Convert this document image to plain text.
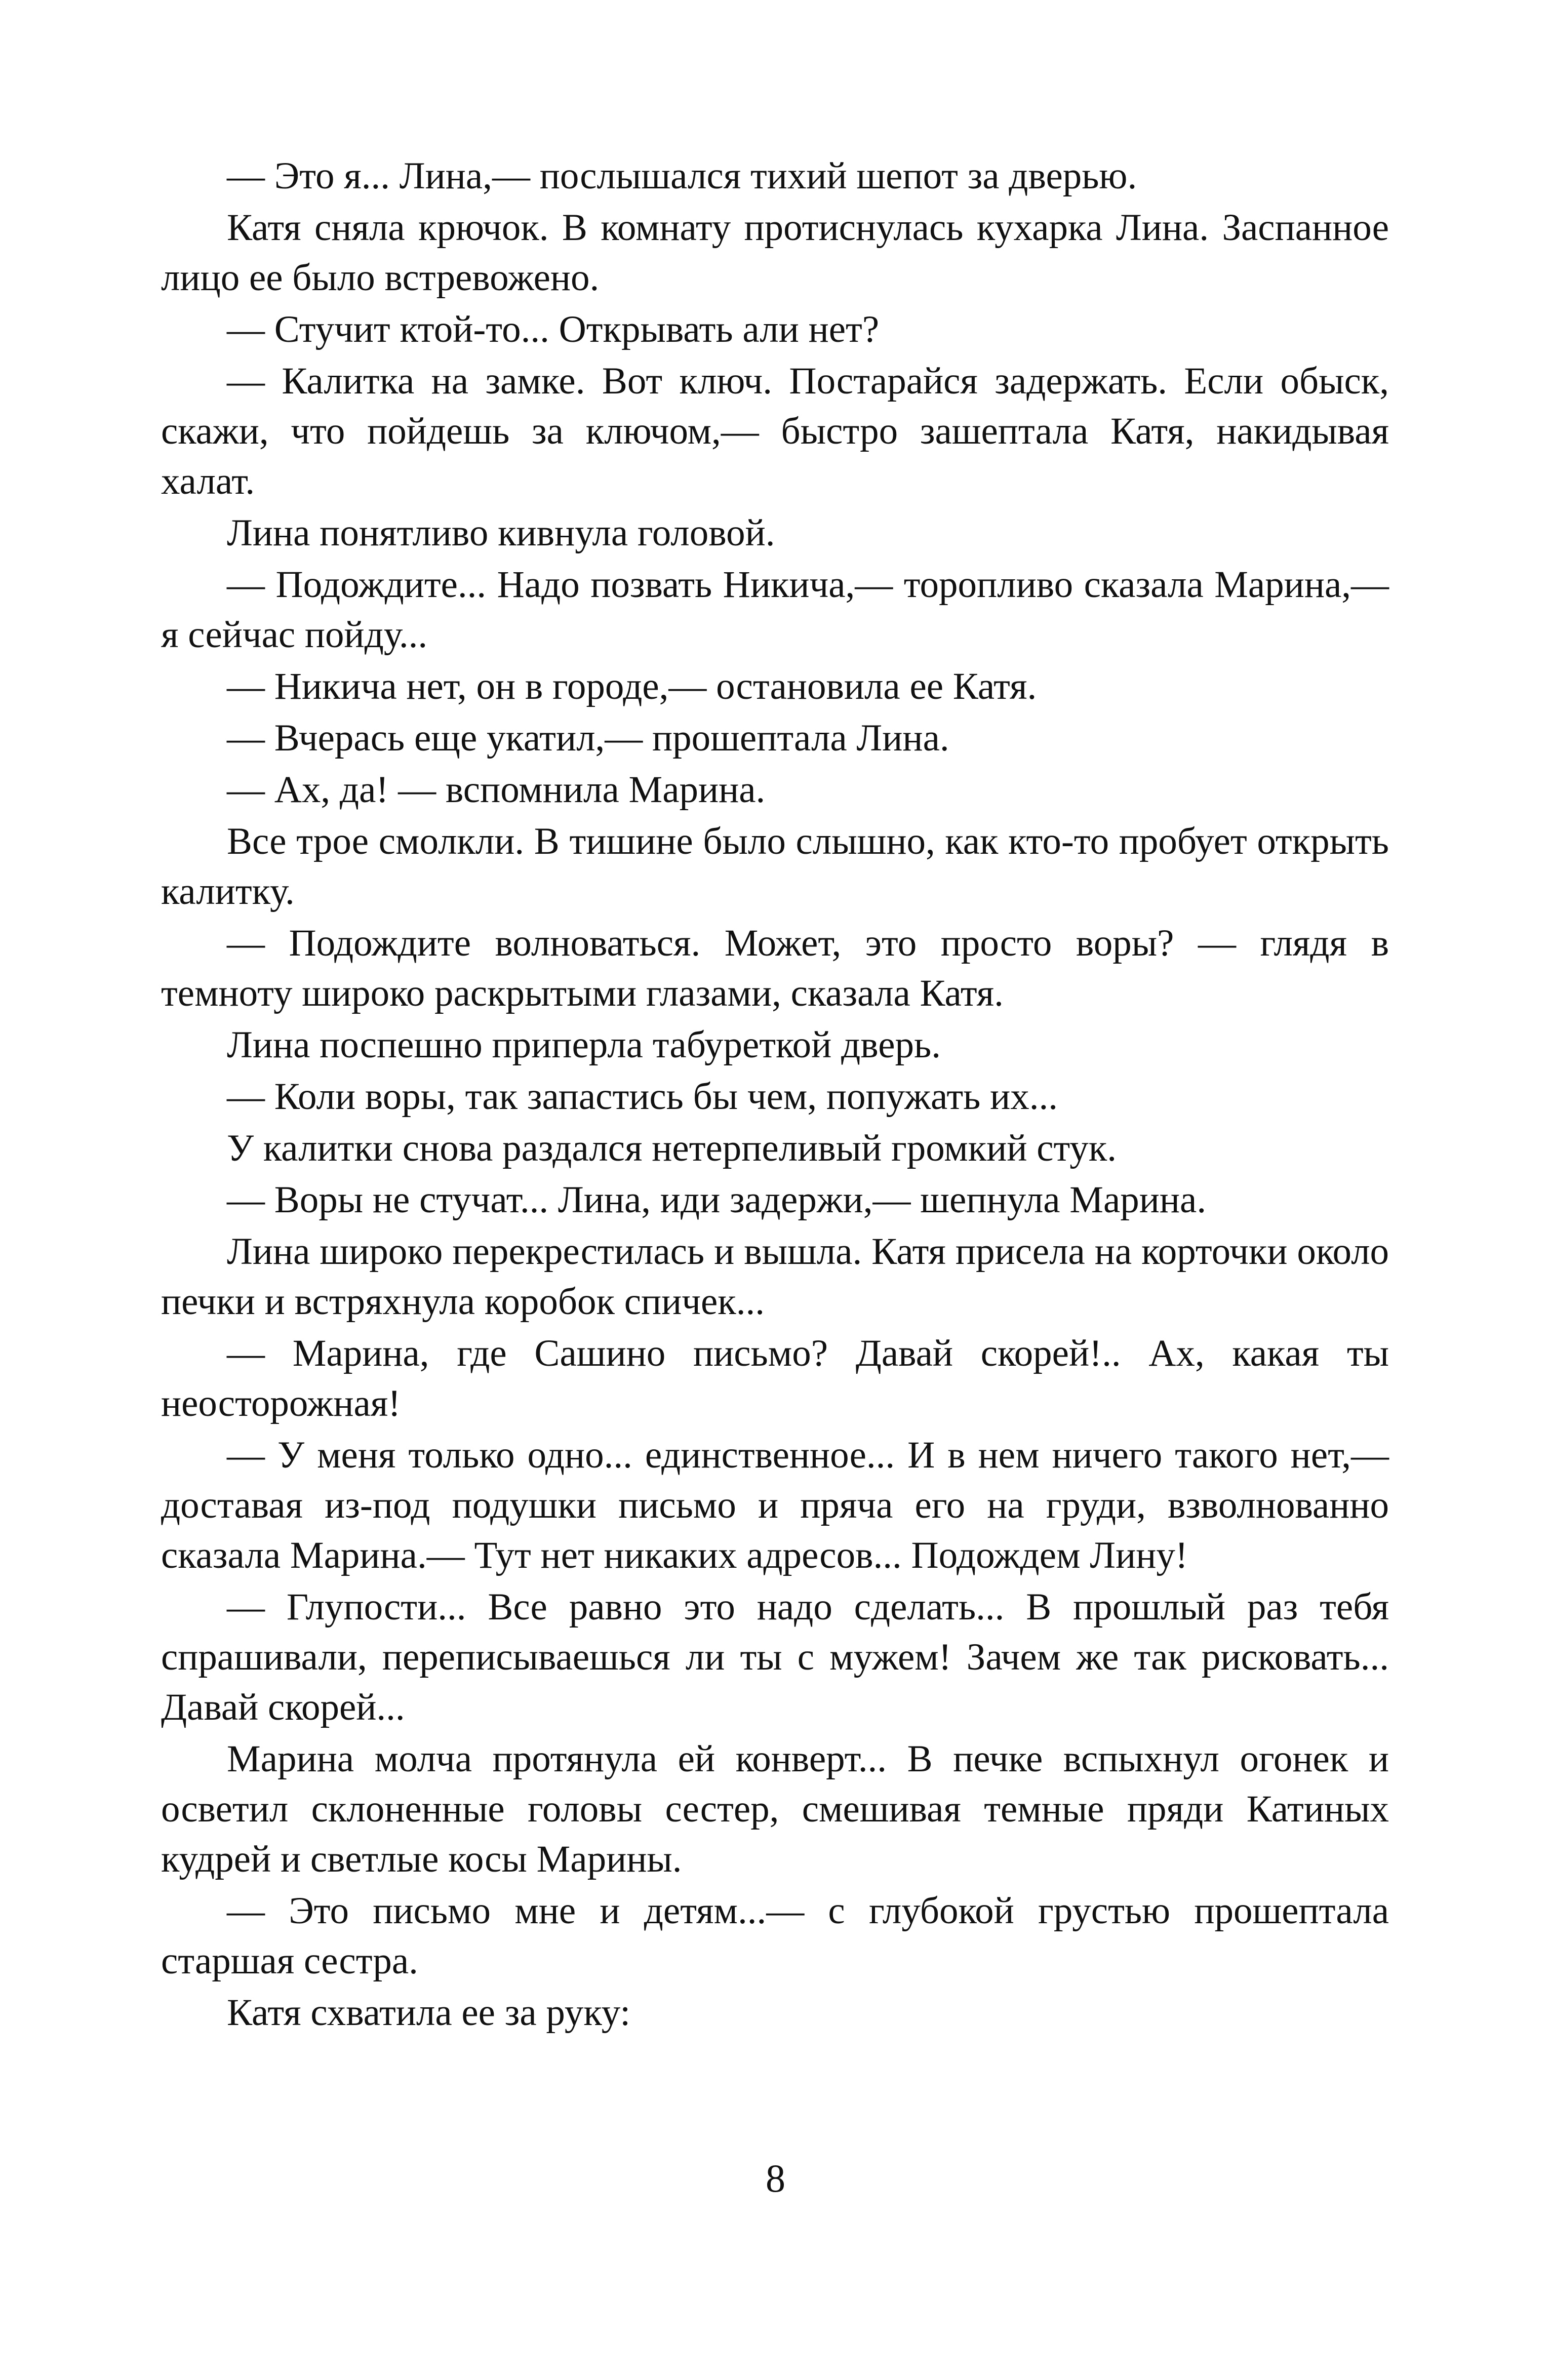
— Это я... Лина,— послышался тихий шепот за дверью.

Катя сняла крючок. В комнату протиснулась кухарка Лина. Заспанное лицо ее было встревожено.

— Стучит ктой-то... Открывать али нет?

— Калитка на замке. Вот ключ. Постарайся задержать. Если обыск, скажи, что пойдешь за ключом,— быстро зашептала Катя, накидывая халат.

Лина понятливо кивнула головой.

— Подождите... Надо позвать Никича,— торопливо сказала Марина,— я сейчас пойду...

— Никича нет, он в городе,— остановила ее Катя.

— Вчерась еще укатил,— прошептала Лина.

— Ах, да! — вспомнила Марина.

Все трое смолкли. В тишине было слышно, как кто-то пробует открыть калитку.

— Подождите волноваться. Может, это просто воры? — глядя в темноту широко раскрытыми глазами, сказала Катя.

Лина поспешно приперла табуреткой дверь.

— Коли воры, так запастись бы чем, попужать их...

У калитки снова раздался нетерпеливый громкий стук.

— Воры не стучат... Лина, иди задержи,— шепнула Марина.

Лина широко перекрестилась и вышла. Катя присела на корточки около печки и встряхнула коробок спичек...

— Марина, где Сашино письмо? Давай скорей!.. Ах, какая ты неосторожная!

— У меня только одно... единственное... И в нем ничего такого нет,— доставая из-под подушки письмо и пряча его на груди, взволнованно сказала Марина.— Тут нет никаких адресов... Подождем Лину!

— Глупости... Все равно это надо сделать... В прошлый раз тебя спрашивали, переписываешься ли ты с мужем! Зачем же так рисковать... Давай скорей...

Марина молча протянула ей конверт... В печке вспыхнул огонек и осветил склоненные головы сестер, смешивая темные пряди Катиных кудрей и светлые косы Марины.

— Это письмо мне и детям...— с глубокой грустью прошептала старшая сестра.

Катя схватила ее за руку:

8
